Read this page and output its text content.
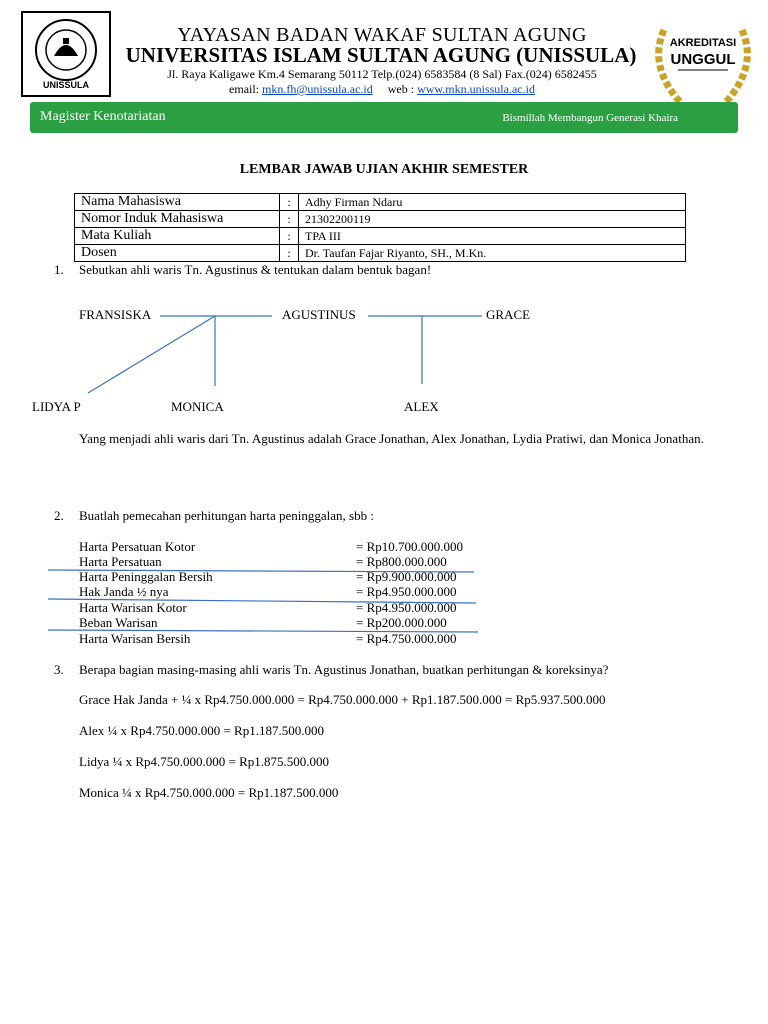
UNISSULA
YAYASAN BADAN WAKAF SULTAN AGUNG
UNIVERSITAS ISLAM SULTAN AGUNG (UNISSULA)
Jl. Raya Kaligawe Km.4 Semarang 50112 Telp.(024) 6583584 (8 Sal) Fax.(024) 6582455
email: mkn.fh@unissula.ac.id web : www.mkn.unissula.ac.id
AKREDITASI
UNGGUL
Magister Kenotariatan	Bismillah Membangun Generasi Khaira
LEMBAR JAWAB UJIAN AKHIR SEMESTER
Nama Mahasiswa	:	Adhy Firman Ndaru
Nomor Induk Mahasiswa	:	21302200119
Mata Kuliah	:	TPA III
Dosen	:	Dr. Taufan Fajar Riyanto, SH., M.Kn.
1. Sebutkan ahli waris Tn. Agustinus & tentukan dalam bentuk bagan!
FRANSISKA	AGUSTINUS	GRACE
LIDYA P	MONICA	ALEX
Yang menjadi ahli waris dari Tn. Agustinus adalah Grace Jonathan, Alex Jonathan, Lydia Pratiwi, dan Monica Jonathan.
2. Buatlah pemecahan perhitungan harta peninggalan, sbb :
Harta Persatuan Kotor	= Rp10.700.000.000
Harta Persatuan	= Rp800.000.000
Harta Peninggalan Bersih	= Rp9.900.000.000
Hak Janda ½ nya	= Rp4.950.000.000
Harta Warisan Kotor	= Rp4.950.000.000
Beban Warisan	= Rp200.000.000
Harta Warisan Bersih	= Rp4.750.000.000
3. Berapa bagian masing-masing ahli waris Tn. Agustinus Jonathan, buatkan perhitungan & koreksinya?
Grace Hak Janda + ¼ x Rp4.750.000.000 = Rp4.750.000.000 + Rp1.187.500.000 = Rp5.937.500.000
Alex ¼ x Rp4.750.000.000 = Rp1.187.500.000
Lidya ¼ x Rp4.750.000.000 = Rp1.875.500.000
Monica ¼ x Rp4.750.000.000 = Rp1.187.500.000
